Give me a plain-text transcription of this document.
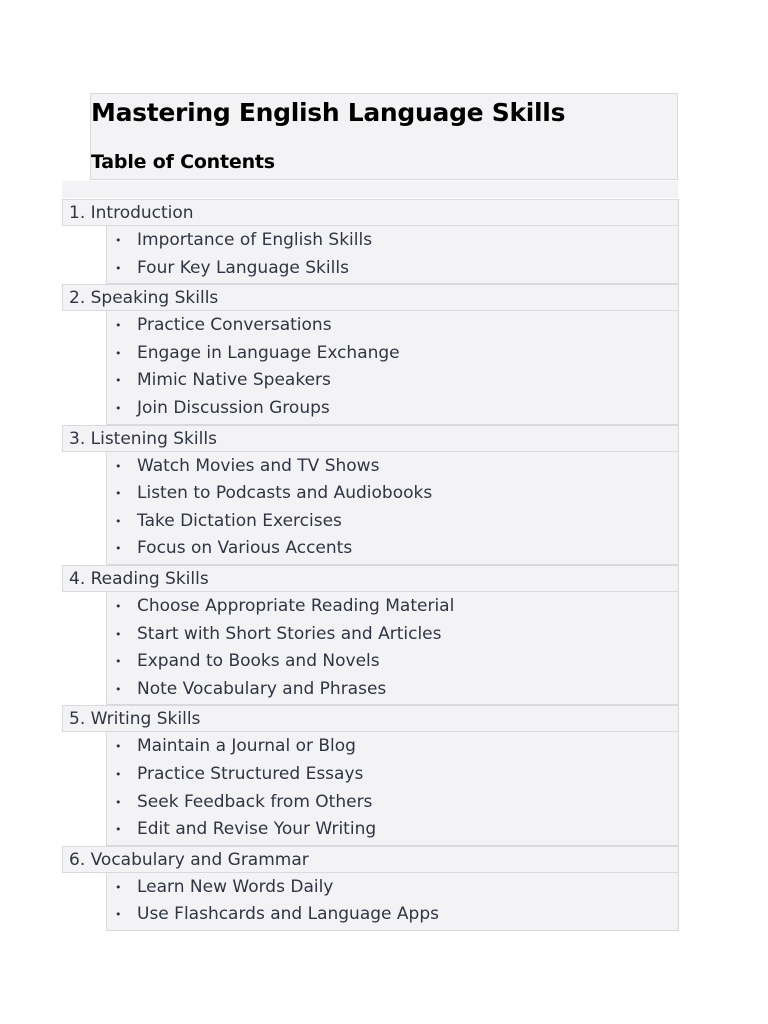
Mastering English Language Skills
Table of Contents
1. Introduction
• Importance of English Skills
• Four Key Language Skills
2. Speaking Skills
• Practice Conversations
• Engage in Language Exchange
• Mimic Native Speakers
• Join Discussion Groups
3. Listening Skills
• Watch Movies and TV Shows
• Listen to Podcasts and Audiobooks
• Take Dictation Exercises
• Focus on Various Accents
4. Reading Skills
• Choose Appropriate Reading Material
• Start with Short Stories and Articles
• Expand to Books and Novels
• Note Vocabulary and Phrases
5. Writing Skills
• Maintain a Journal or Blog
• Practice Structured Essays
• Seek Feedback from Others
• Edit and Revise Your Writing
6. Vocabulary and Grammar
• Learn New Words Daily
• Use Flashcards and Language Apps
